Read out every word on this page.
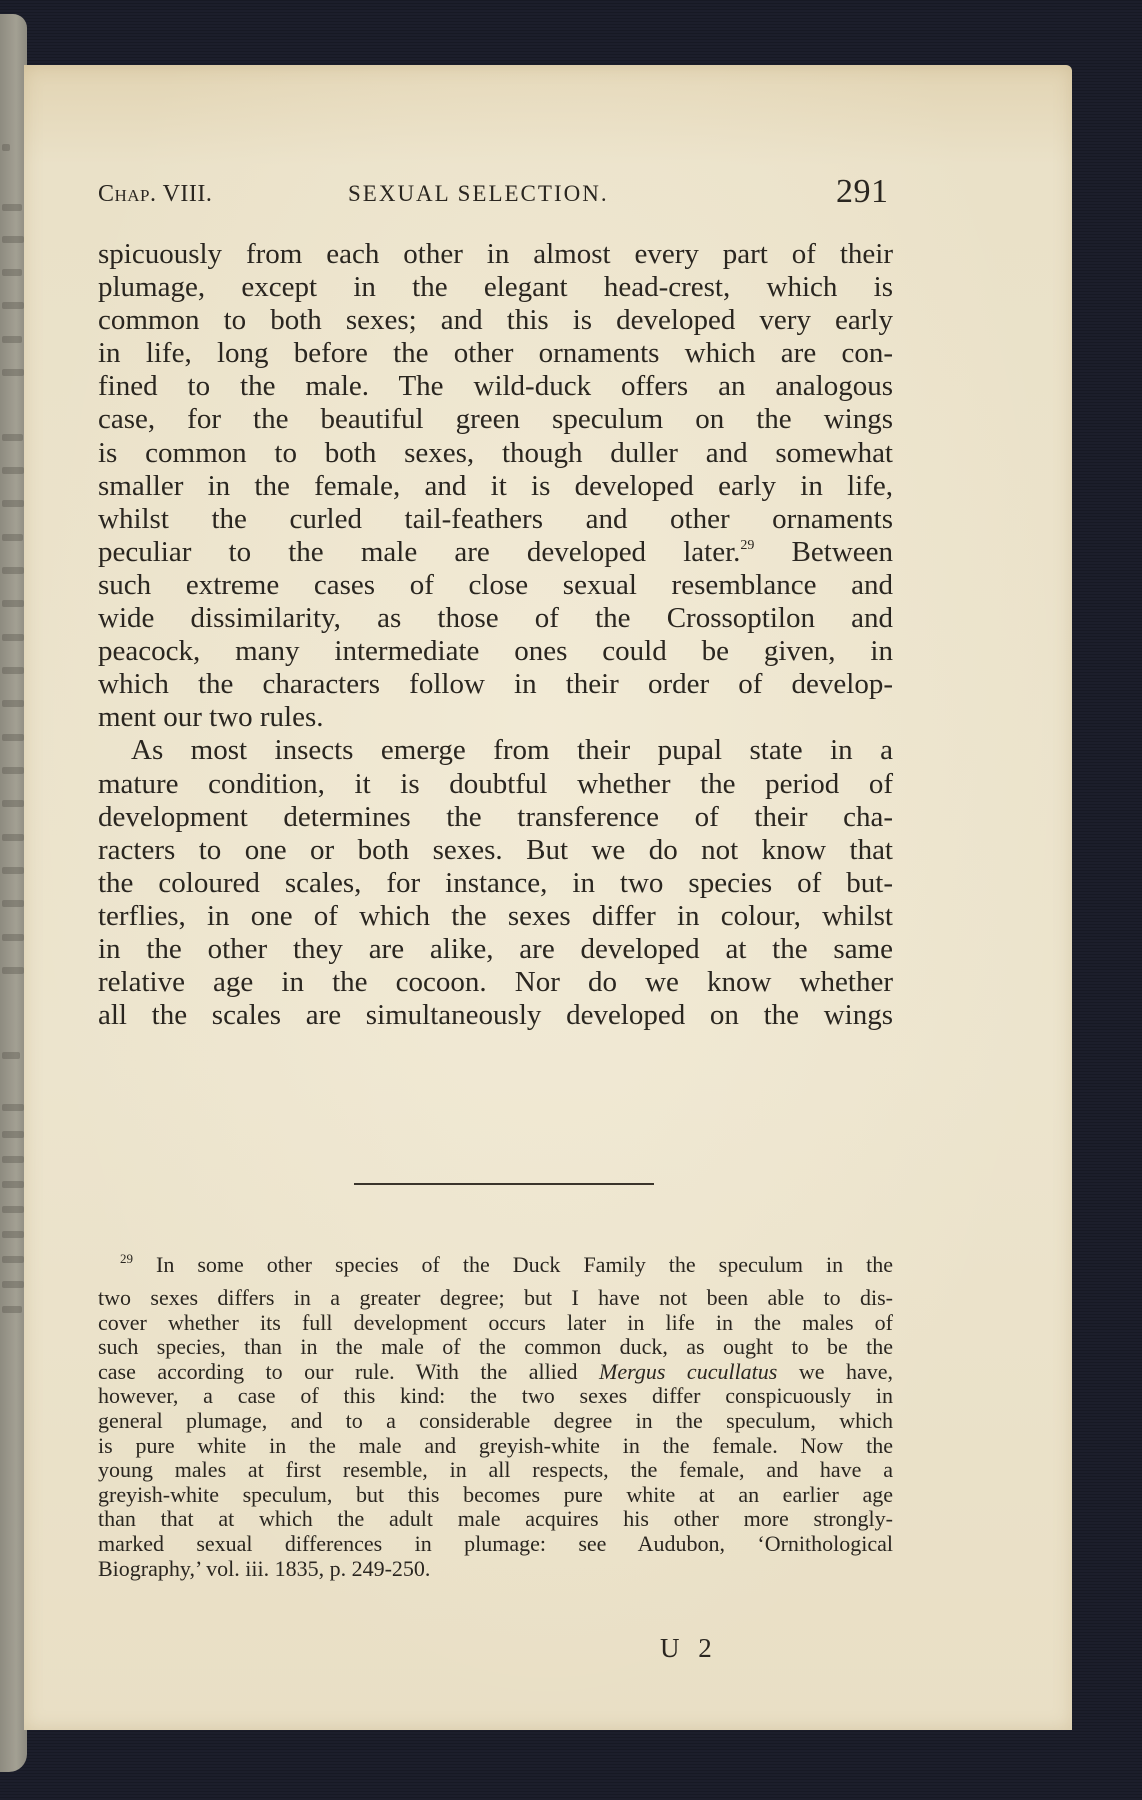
Chap. VIII.	SEXUAL SELECTION.	291
spicuously from each other in almost every part of their
plumage, except in the elegant head-crest, which is
common to both sexes; and this is developed very early
in life, long before the other ornaments which are con-
fined to the male. The wild-duck offers an analogous
case, for the beautiful green speculum on the wings
is common to both sexes, though duller and somewhat
smaller in the female, and it is developed early in life,
whilst the curled tail-feathers and other ornaments
peculiar to the male are developed later.$^{29}$ Between
such extreme cases of close sexual resemblance and
wide dissimilarity, as those of the Crossoptilon and
peacock, many intermediate ones could be given, in
which the characters follow in their order of develop-
ment our two rules.
As most insects emerge from their pupal state in a
mature condition, it is doubtful whether the period of
development determines the transference of their cha-
racters to one or both sexes. But we do not know that
the coloured scales, for instance, in two species of but-
terflies, in one of which the sexes differ in colour, whilst
in the other they are alike, are developed at the same
relative age in the cocoon. Nor do we know whether
all the scales are simultaneously developed on the wings
$^{29}$ In some other species of the Duck Family the speculum in the
two sexes differs in a greater degree; but I have not been able to dis-
cover whether its full development occurs later in life in the males of
such species, than in the male of the common duck, as ought to be the
case according to our rule. With the allied Mergus cucullatus we have,
however, a case of this kind: the two sexes differ conspicuously in
general plumage, and to a considerable degree in the speculum, which
is pure white in the male and greyish-white in the female. Now the
young males at first resemble, in all respects, the female, and have a
greyish-white speculum, but this becomes pure white at an earlier age
than that at which the adult male acquires his other more strongly-
marked sexual differences in plumage: see Audubon, ‘Ornithological
Biography,’ vol. iii. 1835, p. 249-250.
U 2
